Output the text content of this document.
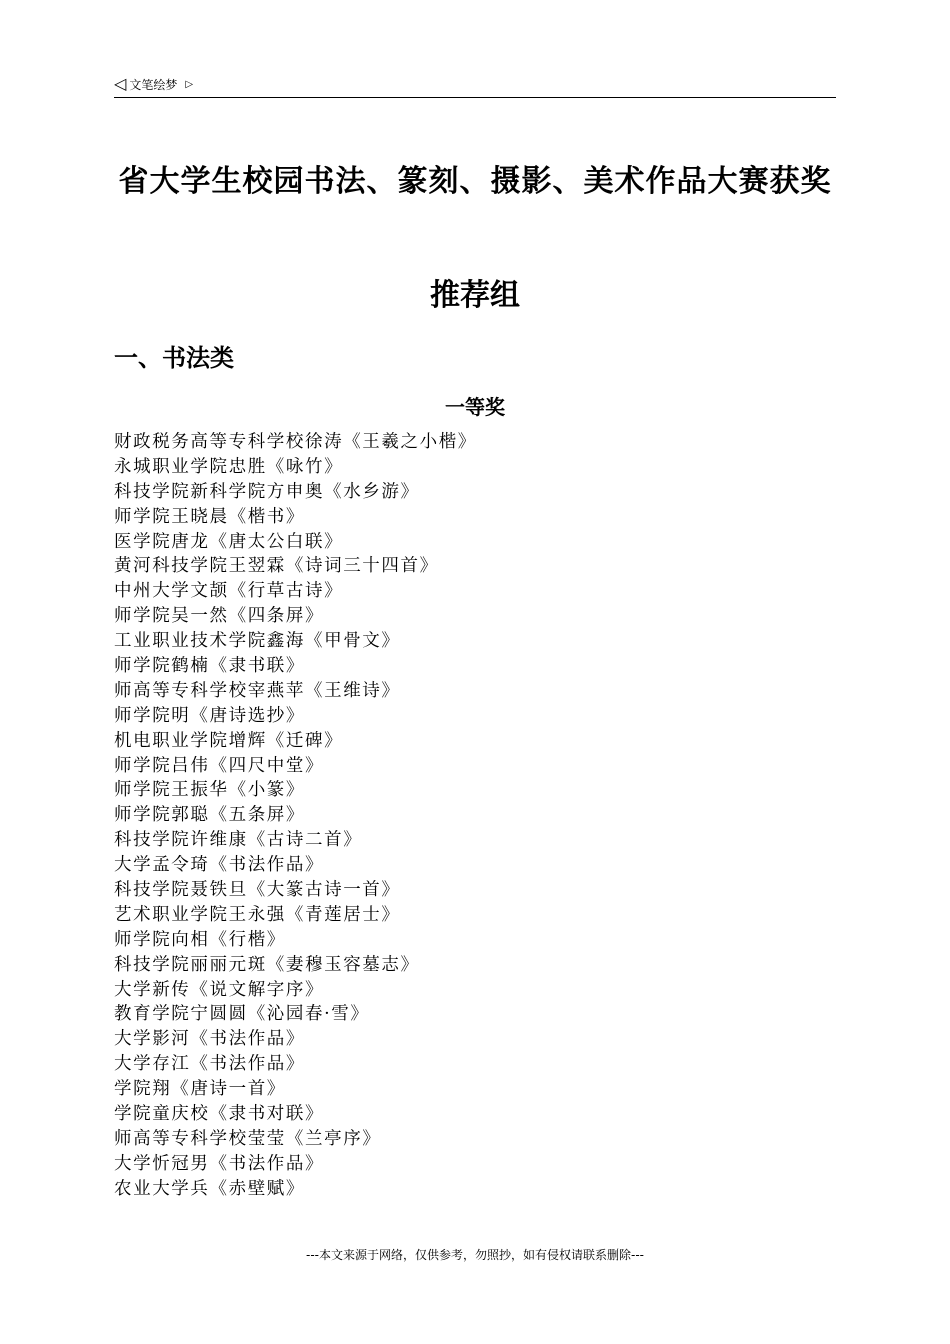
◁ 文笔绘梦 ▷
省大学生校园书法、篆刻、摄影、美术作品大赛获奖
推荐组
一、书法类
一等奖
财政税务高等专科学校徐涛《王羲之小楷》
永城职业学院忠胜《咏竹》
科技学院新科学院方申奥《水乡游》
师学院王晓晨《楷书》
医学院唐龙《唐太公白联》
黄河科技学院王翌霖《诗词三十四首》
中州大学文颉《行草古诗》
师学院吴一然《四条屏》
工业职业技术学院鑫海《甲骨文》
师学院鹤楠《隶书联》
师高等专科学校宰燕苹《王维诗》
师学院明《唐诗选抄》
机电职业学院增辉《迁碑》
师学院吕伟《四尺中堂》
师学院王振华《小篆》
师学院郭聪《五条屏》
科技学院许维康《古诗二首》
大学孟令琦《书法作品》
科技学院聂铁旦《大篆古诗一首》
艺术职业学院王永强《青莲居士》
师学院向相《行楷》
科技学院丽丽元斑《妻穆玉容墓志》
大学新传《说文解字序》
教育学院宁圆圆《沁园春·雪》
大学影河《书法作品》
大学存江《书法作品》
学院翔《唐诗一首》
学院童庆校《隶书对联》
师高等专科学校莹莹《兰亭序》
大学忻冠男《书法作品》
农业大学兵《赤壁赋》
---本文来源于网络，仅供参考，勿照抄，如有侵权请联系删除---
